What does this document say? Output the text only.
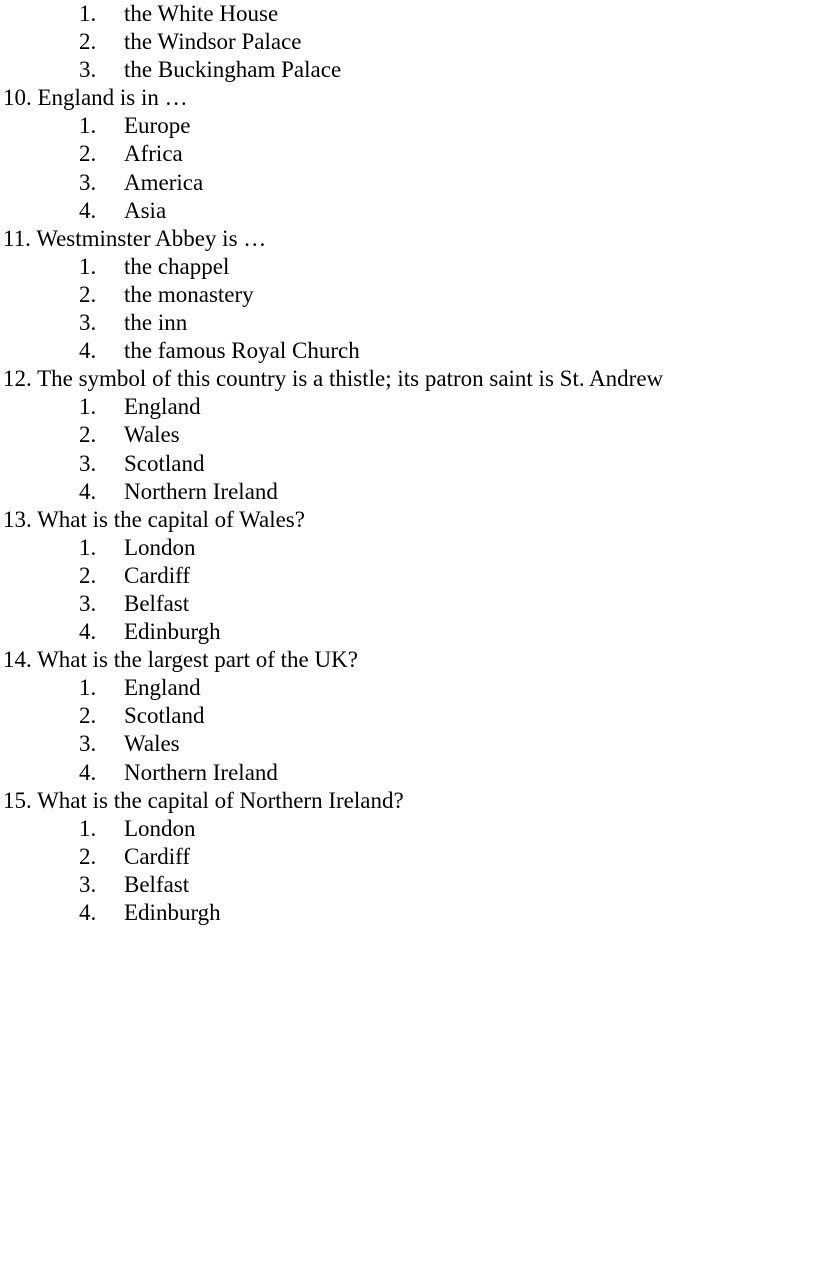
1. the White House
2. the Windsor Palace
3. the Buckingham Palace
10. England is in …
1. Europe
2. Africa
3. America
4. Asia
11. Westminster Abbey is …
1. the chappel
2. the monastery
3. the inn
4. the famous Royal Church
12. The symbol of this country is a thistle; its patron saint is St. Andrew
1. England
2. Wales
3. Scotland
4. Northern Ireland
13. What is the capital of Wales?
1. London
2. Cardiff
3. Belfast
4. Edinburgh
14. What is the largest part of the UK?
1. England
2. Scotland
3. Wales
4. Northern Ireland
15. What is the capital of Northern Ireland?
1. London
2. Cardiff
3. Belfast
4. Edinburgh
